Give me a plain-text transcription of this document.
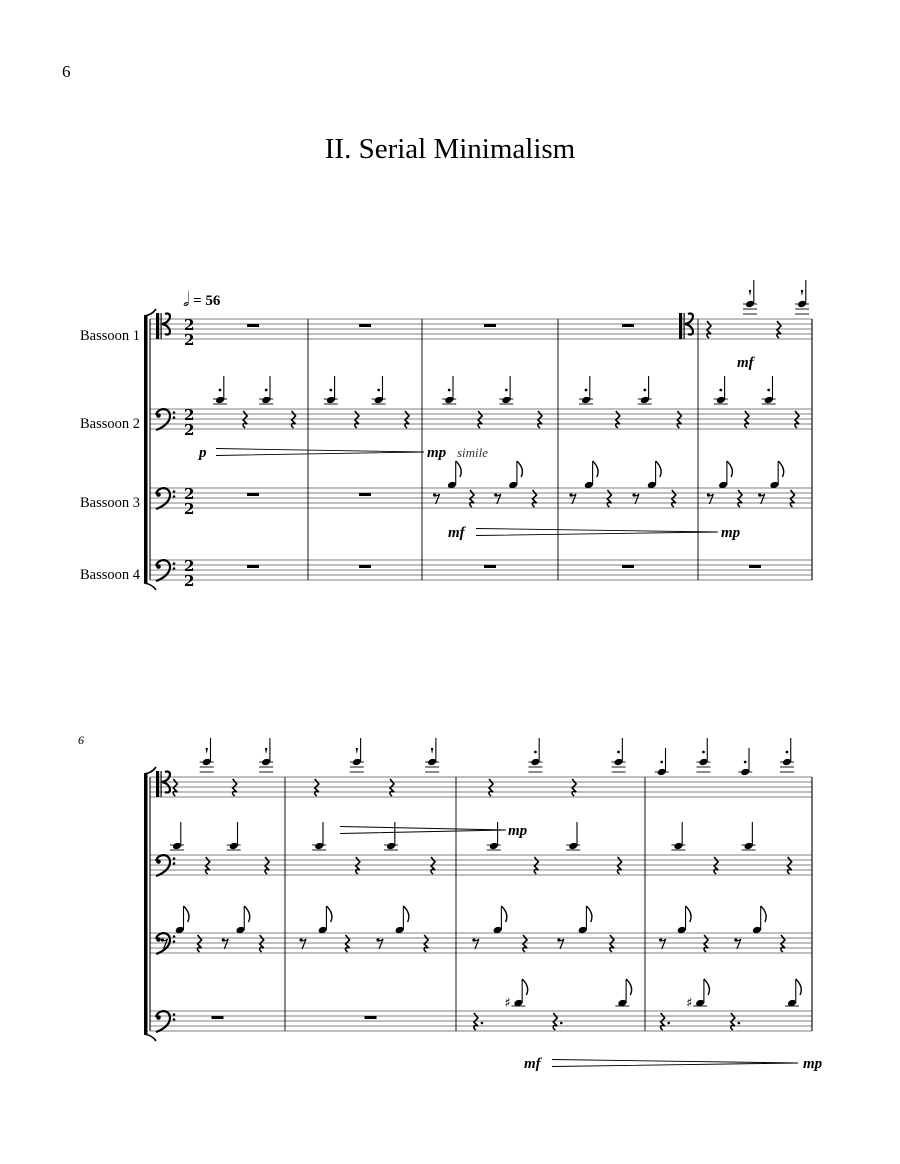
6
II. Serial Minimalism
𝅗𝅥 = 56
Bassoon 1
Bassoon 2
Bassoon 3
Bassoon 4
6
♯	♯
mf
p	mp simile
mf	mp
mp
mf	mp
2
2
2
2
2
2
2
2
